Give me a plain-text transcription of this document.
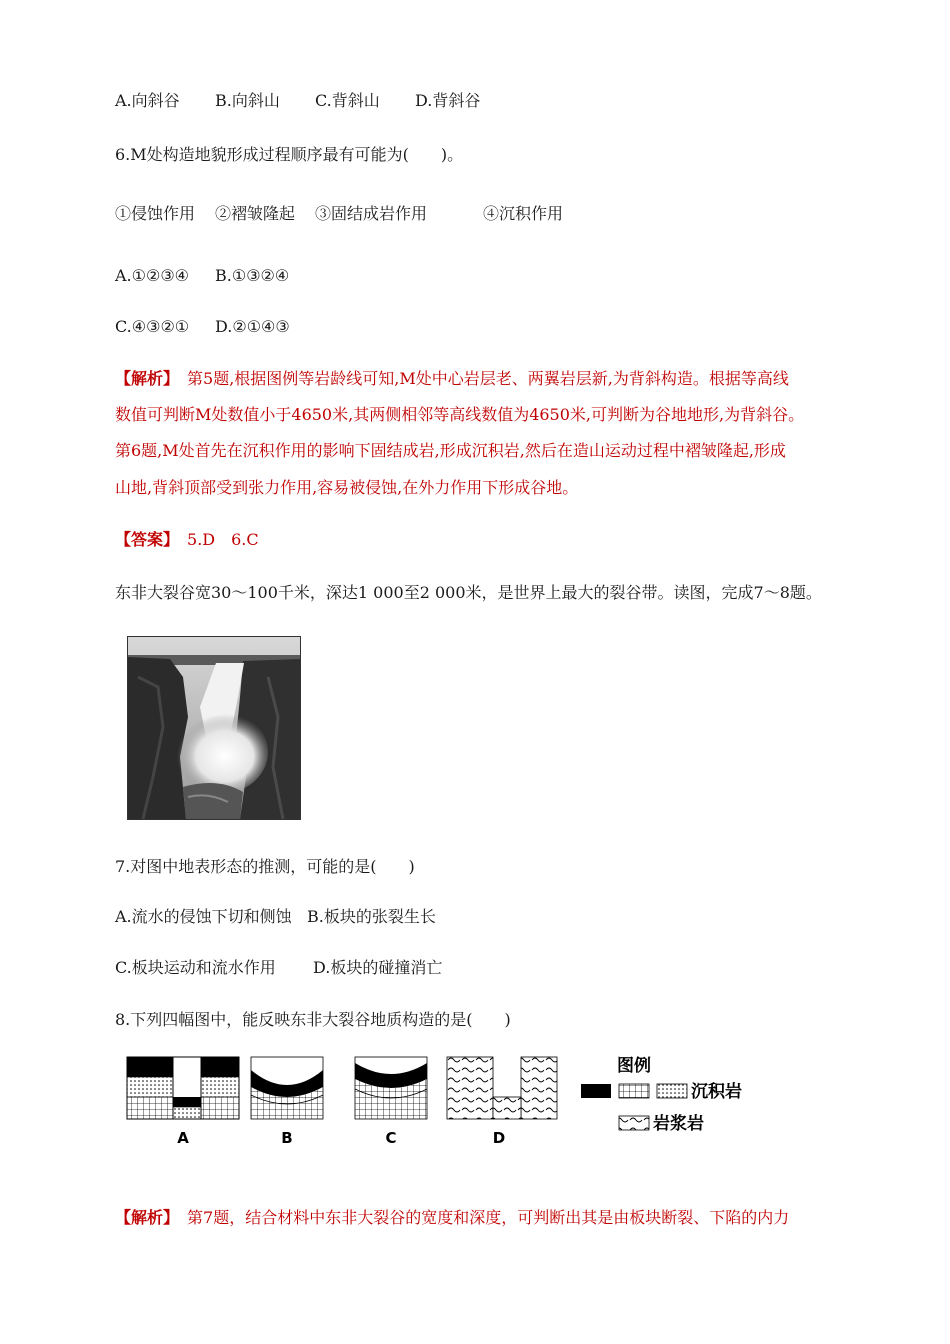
A.向斜谷 B.向斜山 C.背斜山 D.背斜谷
6.M处构造地貌形成过程顺序最有可能为(　　)。
①侵蚀作用 ②褶皱隆起 ③固结成岩作用	④沉积作用
A.①②③④ B.①③②④
C.④③②① D.②①④③
【解析】　 第5题,根据图例等岩龄线可知,M处中心岩层老、两翼岩层新,为背斜构造。根据等高线
数值可判断M处数值小于4650米,其两侧相邻等高线数值为4650米,可判断为谷地地形,为背斜谷。
第6题,M处首先在沉积作用的影响下固结成岩,形成沉积岩,然后在造山运动过程中褶皱隆起,形成
山地,背斜顶部受到张力作用,容易被侵蚀,在外力作用下形成谷地。
【答案】　 5.D　6.C
东非大裂谷宽30～100千米，深达1 000至2 000米，是世界上最大的裂谷带。读图，完成7～8题。
7.对图中地表形态的推测，可能的是(　　)
A.流水的侵蚀下切和侧蚀 B.板块的张裂生长
C.板块运动和流水作用 D.板块的碰撞消亡
8.下列四幅图中，能反映东非大裂谷地质构造的是(　　)
A	B	C	D
图例
沉积岩
岩浆岩
【解析】　 第7题，结合材料中东非大裂谷的宽度和深度，可判断出其是由板块断裂、下陷的内力
